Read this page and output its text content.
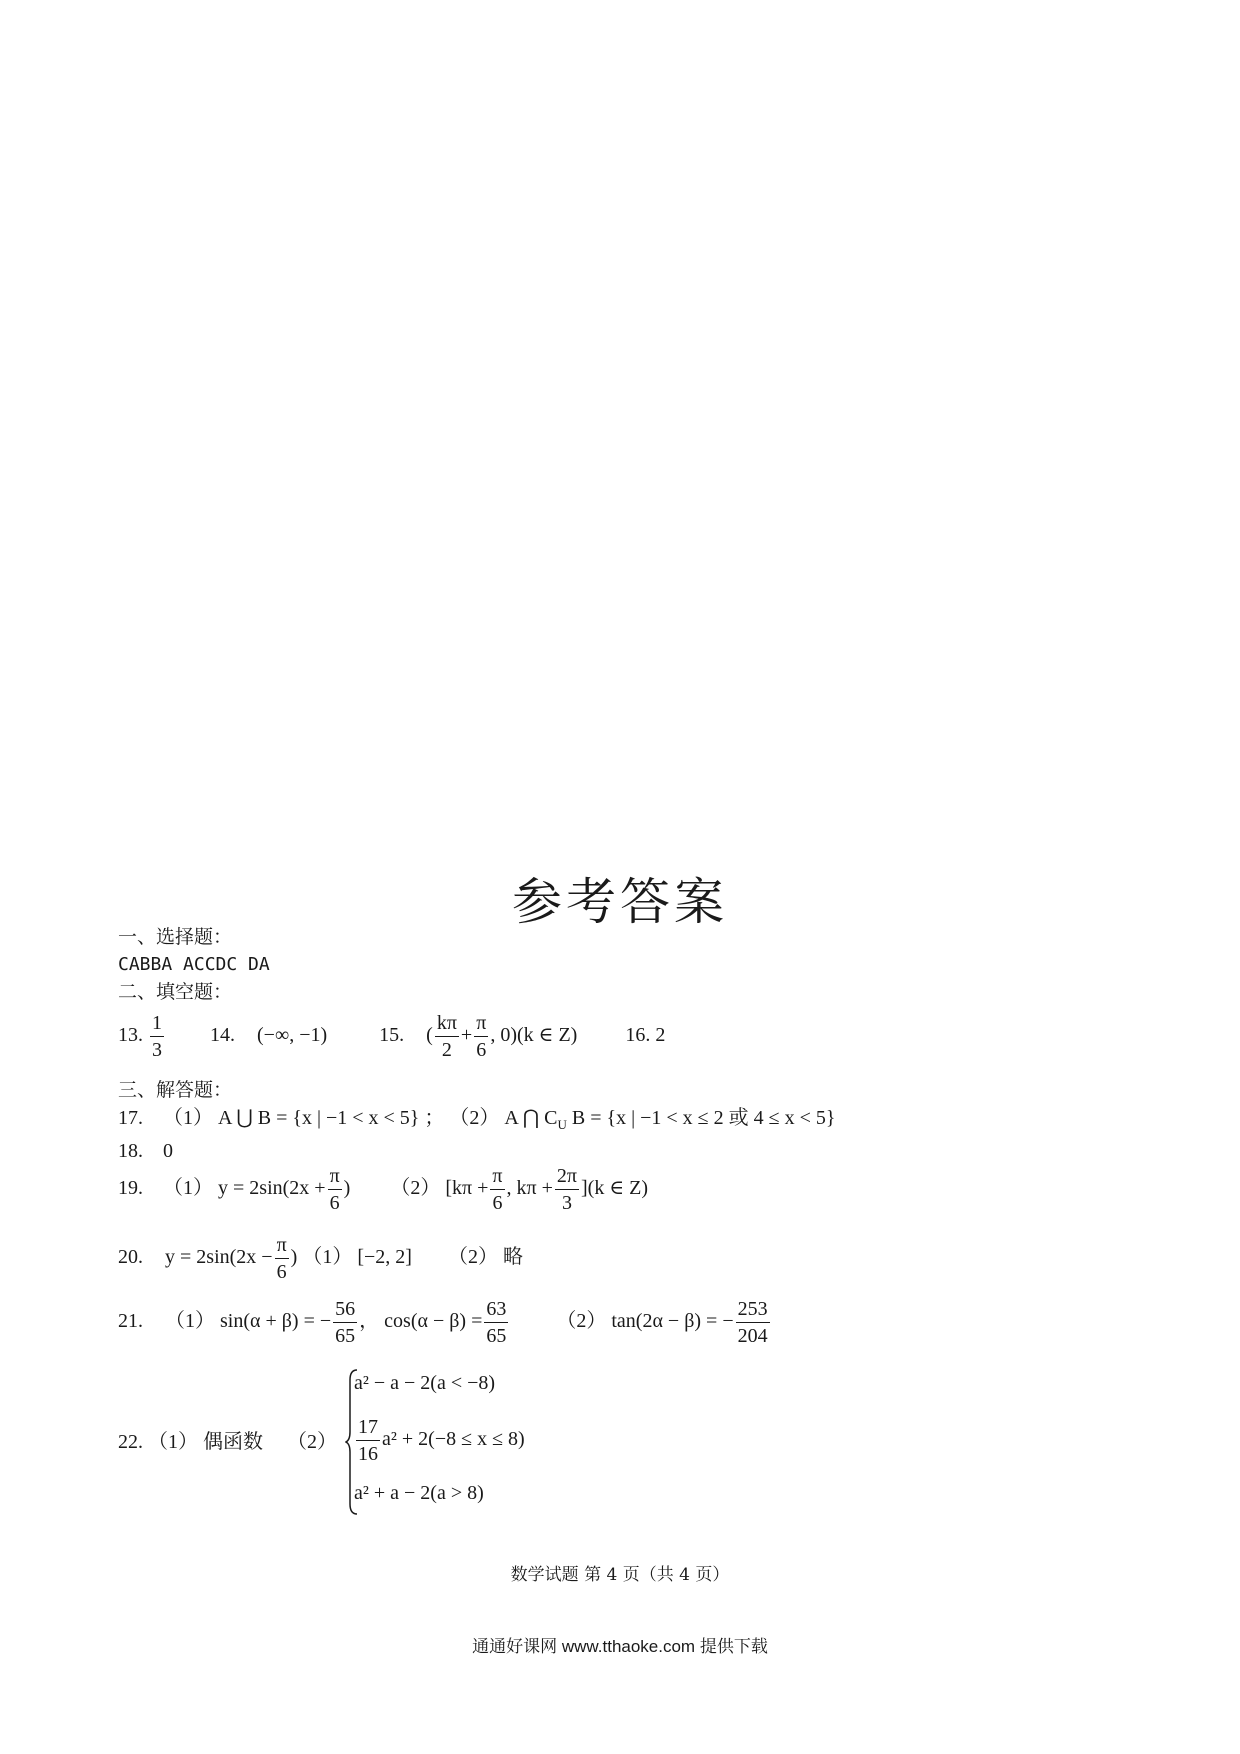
参考答案
一、选择题：
CABBA ACCDC DA
二、填空题：
13. $\frac{1}{3} 14$. (−∞, −1)	15. ( $\frac{k\pi}{2} + \frac{\pi}{6}$ , 0)(k ∈ Z) 16. 2
三、解答题：
17. （1） A ⋃ B = {x | −1 < x < 5} ； （2） A ⋂ $C_U$ B = {x | −1 < x ≤ 2 或 4 ≤ x < 5}
18. 0
19. （1） $y = 2\sin(2x + \frac{\pi}{6}$ ) （2） [$k\pi + \frac{\pi}{6}$ , $k\pi + \frac{2\pi}{3} ](k$ ∈ Z)
20. $y = 2\sin(2x - \frac{\pi}{6}$ ) （1） [−2, 2] （2） 略
21. （1） sin(α + β) = − $\frac{56}{65}$ ， $\cos(\alpha - \beta) = \frac{63}{65} (2) \tan(2\alpha - \beta)$ = − $\frac{253}{204}$
22. （1） 偶函数 （2）
a² − a − 2(a < −8)
$\frac{17}{16} a^2 + 2(-8 \le x \le 8)$
a² + a − 2(a > 8)
数学试题 第 4 页（共 4 页）
通通好课网 www.tthaoke.com 提供下载
